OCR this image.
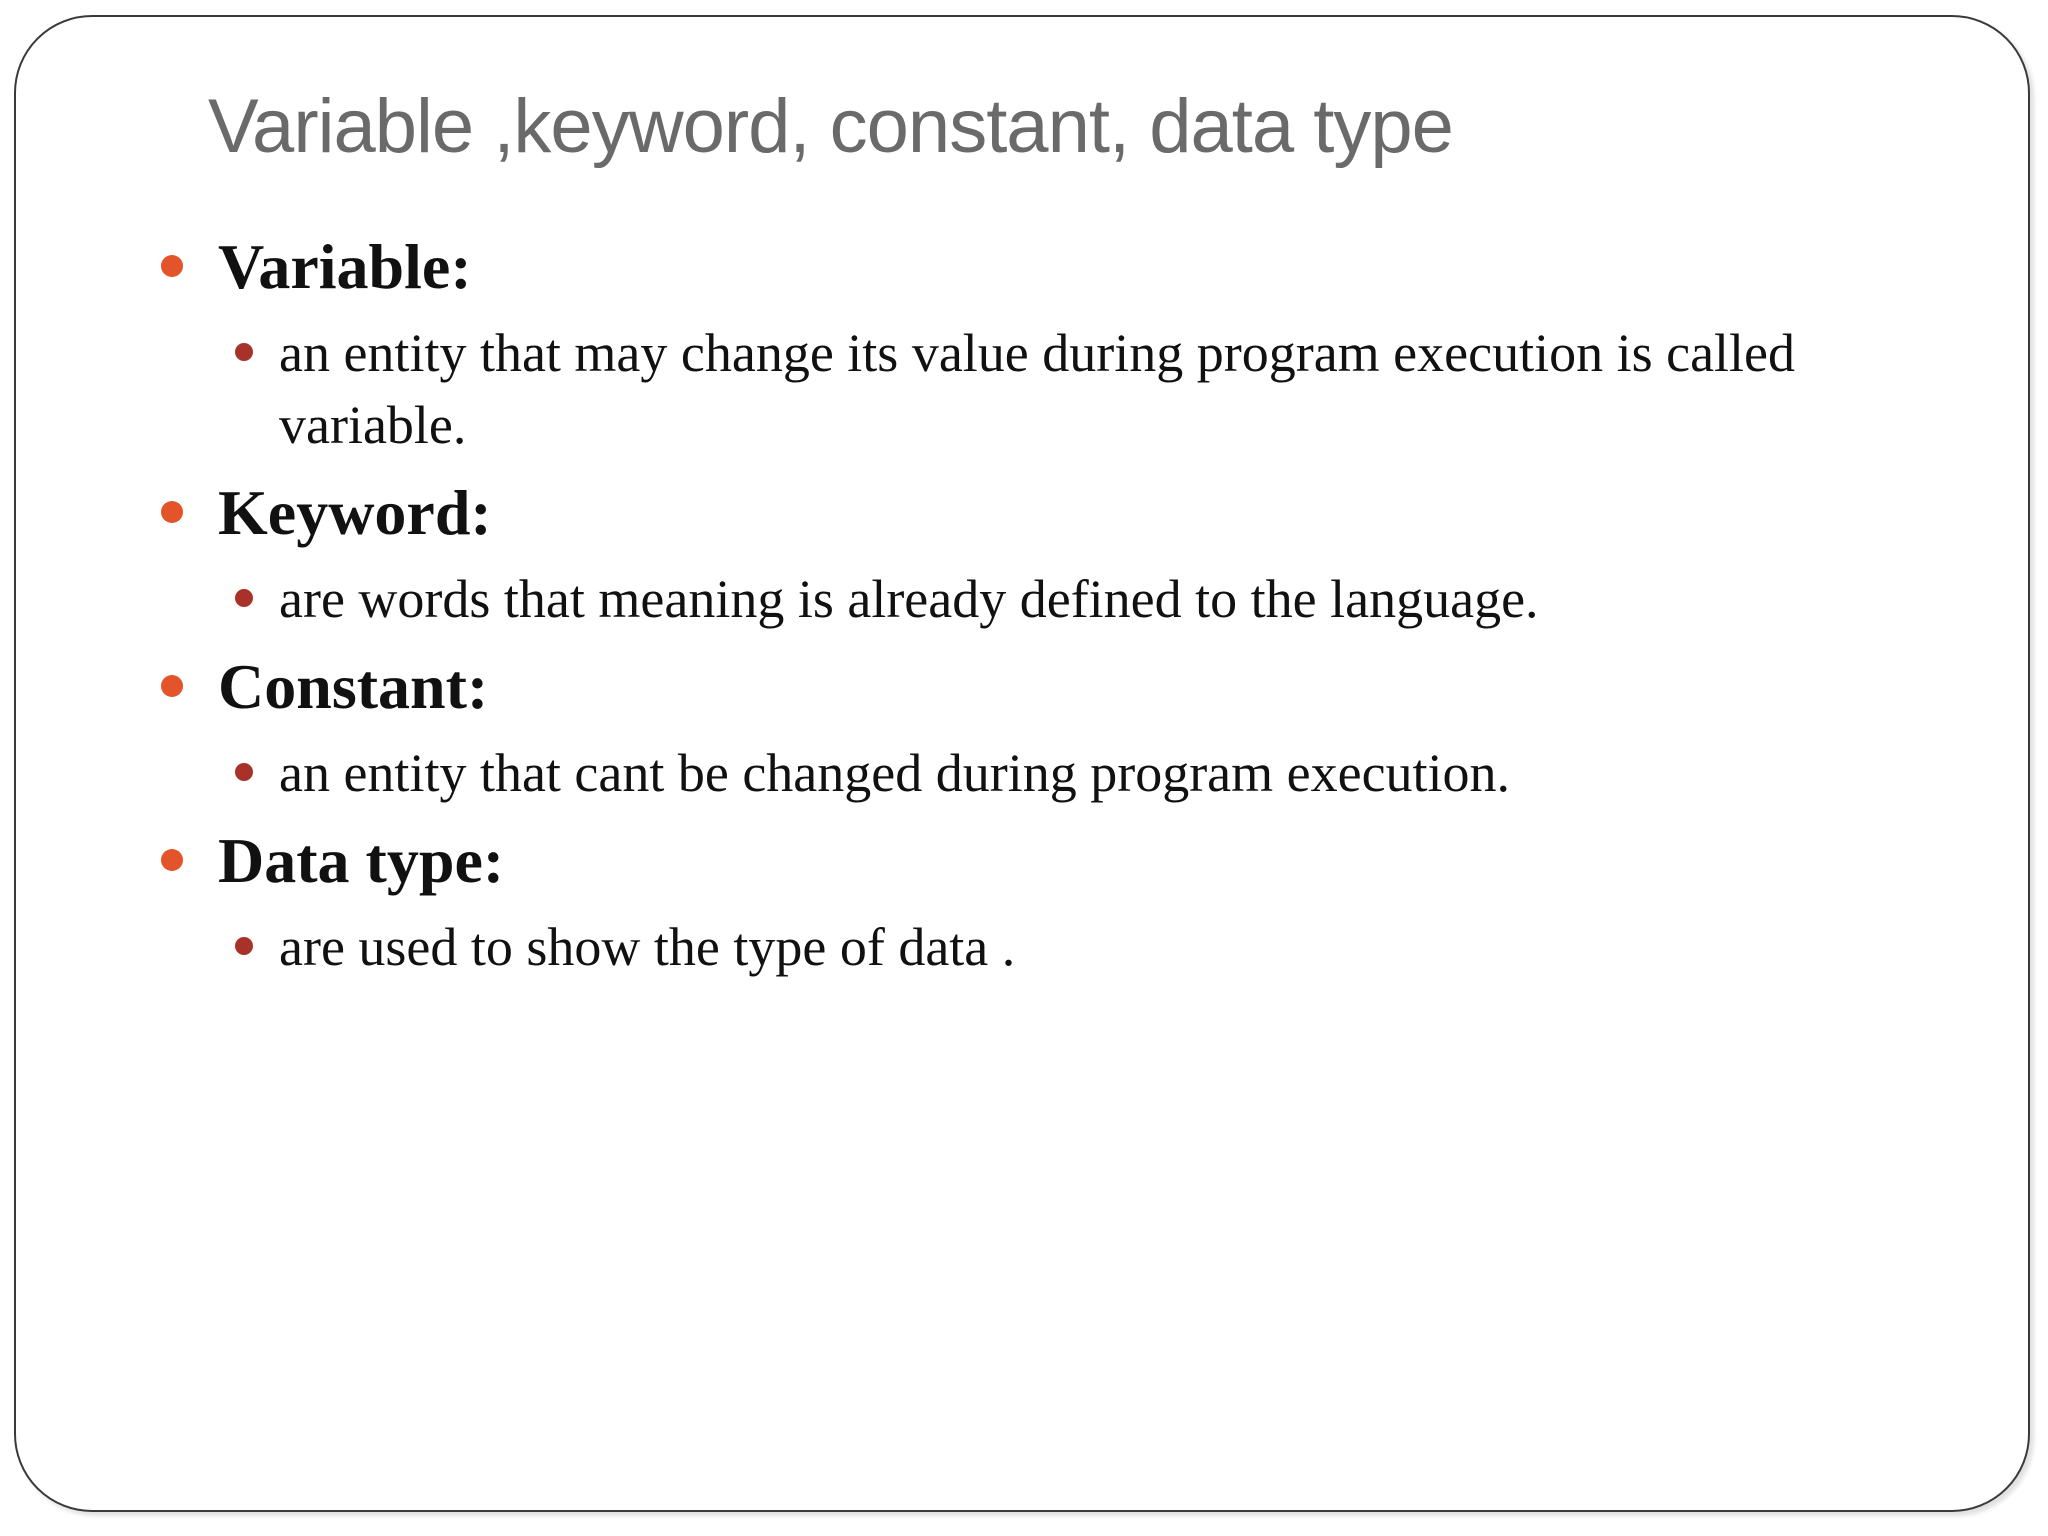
Variable ,keyword, constant, data type

Variable:

an entity that may change its value during program execution is called variable.

Keyword:

are words that meaning is already defined to the language.

Constant:

an entity that cant be changed during program execution.

Data type:

are used to show the type of data .
